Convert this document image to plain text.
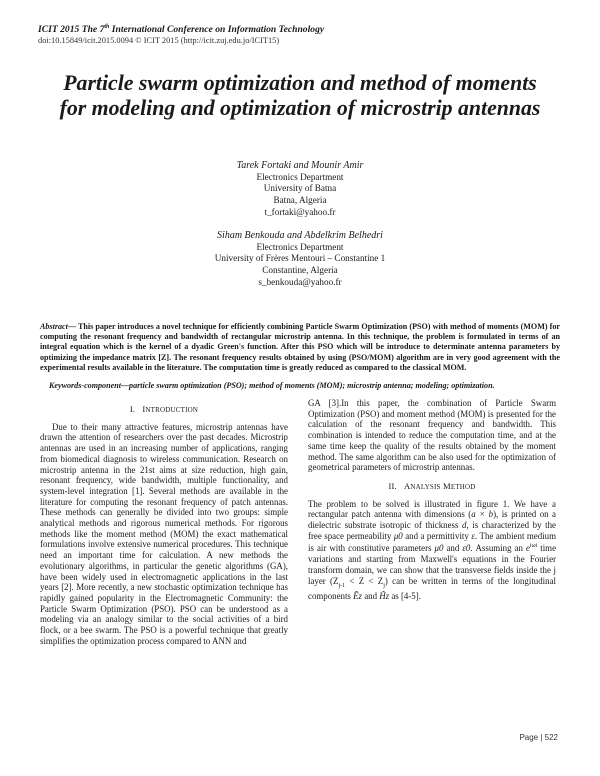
ICIT 2015 The 7th International Conference on Information Technology
doi:10.15849/icit.2015.0094 © ICIT 2015 (http://icit.zuj.edu.jo/ICIT15)
Particle swarm optimization and method of moments
for modeling and optimization of microstrip antennas
Tarek Fortaki and Mounir Amir
Electronics Department
University of Batna
Batna, Algeria
t_fortaki@yahoo.fr
Siham Benkouda and Abdelkrim Belhedri
Electronics Department
University of Frères Mentouri – Constantine 1
Constantine, Algeria
s_benkouda@yahoo.fr
Abstract— This paper introduces a novel technique for efficiently combining Particle Swarm Optimization (PSO) with method of moments (MOM) for computing the resonant frequency and bandwidth of rectangular microstrip antenna. In this technique, the problem is formulated in terms of an integral equation which is the kernel of a dyadic Green's function. After this PSO which will be introduce to determinate antenna parameters by optimizing the impedance matrix [Z]. The resonant frequency results obtained by using (PSO/MOM) algorithm are in very good agreement with the experimental results available in the literature. The computation time is greatly reduced as compared to the classical MOM.
Keywords-component—particle swarm optimization (PSO); method of moments (MOM); microstrip antenna; modeling; optimization.
I. INTRODUCTION
Due to their many attractive features, microstrip antennas have drawn the attention of researchers over the past decades. Microstrip antennas are used in an increasing number of applications, ranging from biomedical diagnosis to wireless communication. Research on microstrip antenna in the 21st aims at size reduction, high gain, resonant frequency, wide bandwidth, multiple functionality, and system-level integration [1]. Several methods are available in the literature for computing the resonant frequency of patch antennas. These methods can generally be divided into two groups: simple analytical methods and rigorous numerical methods. For rigorous methods like the moment method (MOM) the exact mathematical formulations involve extensive numerical procedures. This technique need an important time for calculation. A new methods the evolutionary algorithms, in particular the genetic algorithms (GA), have been widely used in electromagnetic applications in the last years [2]. More recently, a new stochastic optimization technique has rapidly gained popularity in the Electromagnetic Community: the Particle Swarm Optimization (PSO). PSO can be understood as a modeling via an analogy similar to the social activities of a bird flock, or a bee swarm. The PSO is a powerful technique that greatly simplifies the optimization process compared to ANN and
GA [3].In this paper, the combination of Particle Swarm Optimization (PSO) and moment method (MOM) is presented for the calculation of the resonant frequency and bandwidth. This combination is intended to reduce the computation time, and at the same time keep the quality of the results obtained by the moment method. The same algorithm can be also used for the optimization of geometrical parameters of microstrip antennas.
II. ANALYSIS METHOD
The problem to be solved is illustrated in figure 1. We have a rectangular patch antenna with dimensions (a × b), is printed on a dielectric substrate isotropic of thickness d, is characterized by the free space permeability μ0 and a permittivity ε. The ambient medium is air with constitutive parameters μ0 and ε0. Assuming an $e^{i\omega t}$ time variations and starting from Maxwell's equations in the Fourier transform domain, we can show that the transverse fields inside the j layer $(Z_{j-1} < Z < Z_j)$ can be written in terms of the longitudinal components Ẽz and H̃z as [4-5].
Page | 522
